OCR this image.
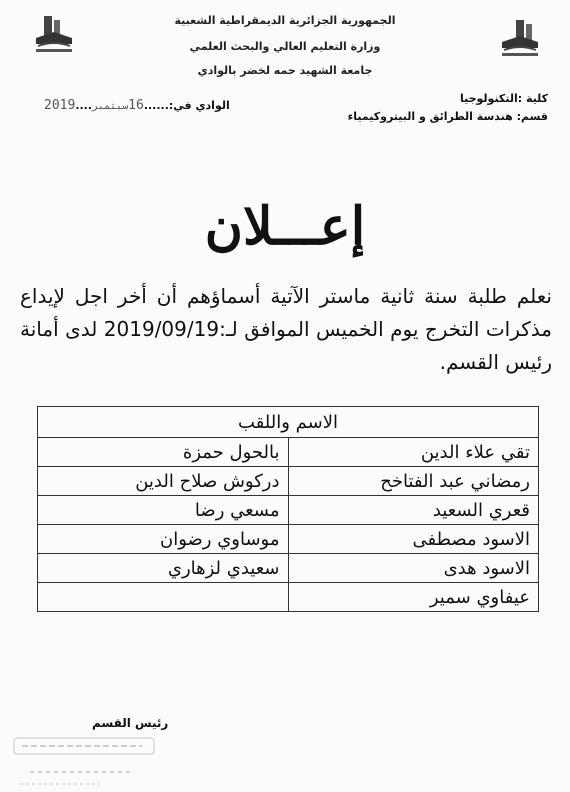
الجمهورية الجزائرية الديمقراطية الشعبية
وزارة التعليم العالي والبحث العلمي
جامعة الشهيد حمه لخضر بالوادي
كلية :التكنولوجيا
قسم: هندسة الطرائق و البيتروكيمياء
الوادي في:......16سبتمبر....2019
إعـــلان
نعلم طلبة سنة ثانية ماستر الآتية أسماؤهم أن أخر اجل لإيداع مذكرات التخرج يوم الخميس الموافق لـ:2019/09/19 لدى أمانة رئيس القسم.
الاسم واللقب	
تقي علاء الدين	بالحول حمزة
رمضاني عبد الفتاخح	دركوش صلاح الدين
قعري السعيد	مسعي رضا
الاسود مصطفى	موساوي رضوان
الاسود هدى	سعيدي لزهاري
عيفاوي سمير	
رئيس القسم
